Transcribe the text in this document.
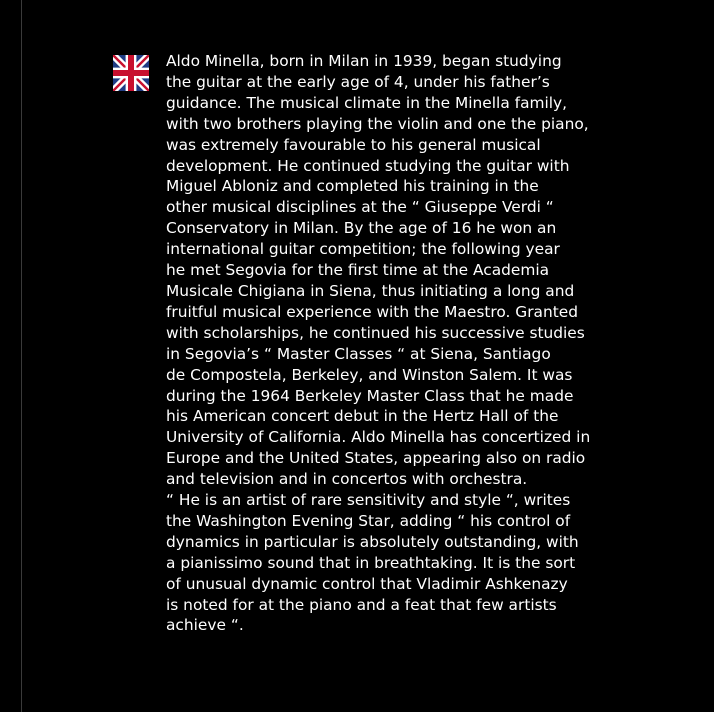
Aldo Minella, born in Milan in 1939, began studying
the guitar at the early age of 4, under his father’s
guidance. The musical climate in the Minella family,
with two brothers playing the violin and one the piano,
was extremely favourable to his general musical
development. He continued studying the guitar with
Miguel Abloniz and completed his training in the
other musical disciplines at the “ Giuseppe Verdi “
Conservatory in Milan. By the age of 16 he won an
international guitar competition; the following year
he met Segovia for the first time at the Academia
Musicale Chigiana in Siena, thus initiating a long and
fruitful musical experience with the Maestro. Granted
with scholarships, he continued his successive studies
in Segovia’s “ Master Classes “ at Siena, Santiago
de Compostela, Berkeley, and Winston Salem. It was
during the 1964 Berkeley Master Class that he made
his American concert debut in the Hertz Hall of the
University of California. Aldo Minella has concertized in
Europe and the United States, appearing also on radio
and television and in concertos with orchestra.
“ He is an artist of rare sensitivity and style “, writes
the Washington Evening Star, adding “ his control of
dynamics in particular is absolutely outstanding, with
a pianissimo sound that in breathtaking. It is the sort
of unusual dynamic control that Vladimir Ashkenazy
is noted for at the piano and a feat that few artists
achieve “.
